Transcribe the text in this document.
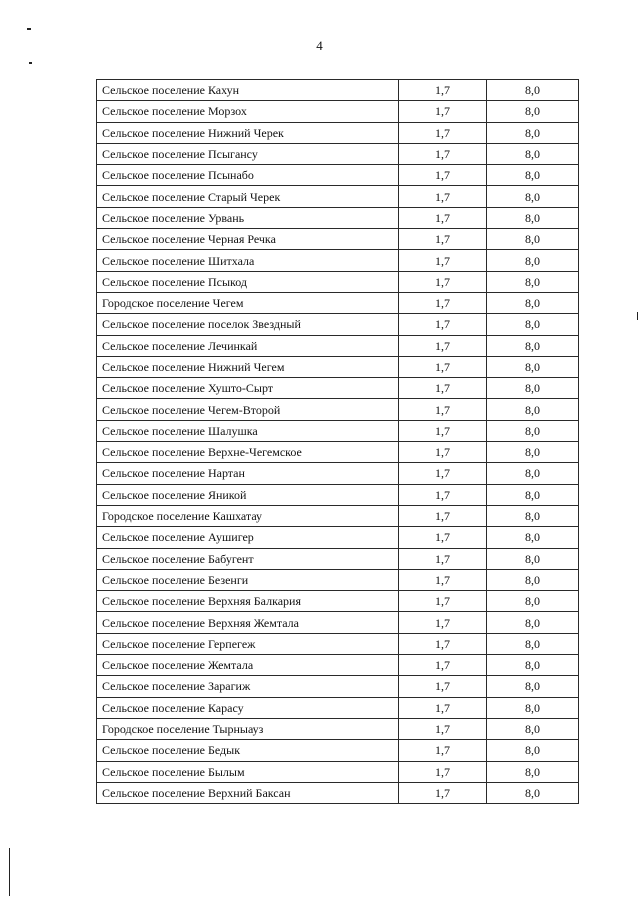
4
Сельское поселение Кахун	1,7	8,0
Сельское поселение Морзох	1,7	8,0
Сельское поселение Нижний Черек	1,7	8,0
Сельское поселение Псыгансу	1,7	8,0
Сельское поселение Псынабо	1,7	8,0
Сельское поселение Старый Черек	1,7	8,0
Сельское поселение Урвань	1,7	8,0
Сельское поселение Черная Речка	1,7	8,0
Сельское поселение Шитхала	1,7	8,0
Сельское поселение Псыкод	1,7	8,0
Городское поселение Чегем	1,7	8,0
Сельское поселение поселок Звездный	1,7	8,0
Сельское поселение Лечинкай	1,7	8,0
Сельское поселение Нижний Чегем	1,7	8,0
Сельское поселение Хушто-Сырт	1,7	8,0
Сельское поселение Чегем-Второй	1,7	8,0
Сельское поселение Шалушка	1,7	8,0
Сельское поселение Верхне-Чегемское	1,7	8,0
Сельское поселение Нартан	1,7	8,0
Сельское поселение Яникой	1,7	8,0
Городское поселение Кашхатау	1,7	8,0
Сельское поселение Аушигер	1,7	8,0
Сельское поселение Бабугент	1,7	8,0
Сельское поселение Безенги	1,7	8,0
Сельское поселение Верхняя Балкария	1,7	8,0
Сельское поселение Верхняя Жемтала	1,7	8,0
Сельское поселение Герпегеж	1,7	8,0
Сельское поселение Жемтала	1,7	8,0
Сельское поселение Зарагиж	1,7	8,0
Сельское поселение Карасу	1,7	8,0
Городское поселение Тырныауз	1,7	8,0
Сельское поселение Бедык	1,7	8,0
Сельское поселение Былым	1,7	8,0
Сельское поселение Верхний Баксан	1,7	8,0
